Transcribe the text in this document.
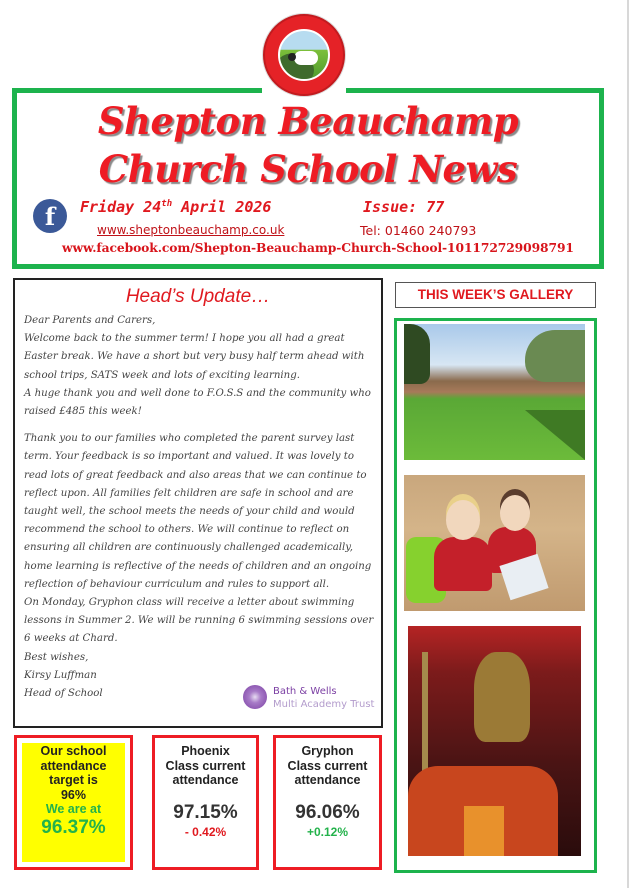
Shepton Beauchamp
Church School News
f	Friday 24th April 2026	Issue: 77
www.sheptonbeauchamp.co.uk	Tel: 01460 240793
www.facebook.com/Shepton-Beauchamp-Church-School-101172729098791
Head’s Update…

Dear Parents and Carers,

Welcome back to the summer term! I hope you all had a great Easter break. We have a short but very busy half term ahead with school trips, SATS week and lots of exciting learning.

A huge thank you and well done to F.O.S.S and the community who raised £485 this week!

Thank you to our families who completed the parent survey last term. Your feedback is so important and valued. It was lovely to read lots of great feedback and also areas that we can continue to reflect upon. All families felt children are safe in school and are taught well, the school meets the needs of your child and would recommend the school to others. We will continue to reflect on ensuring all children are continuously challenged academically, home learning is reflective of the needs of children and an ongoing reflection of behaviour curriculum and rules to support all.

On Monday, Gryphon class will receive a letter about swimming lessons in Summer 2. We will be running 6 swimming sessions over 6 weeks at Chard.

Best wishes,

Kirsy Luffman

Head of School	Bath & Wells
Multi Academy Trust
Our school
attendance
target is
96%
We are at
96.37%
Phoenix
Class current
attendance
97.15%
- 0.42%
Gryphon
Class current
attendance
96.06%
+0.12%
THIS WEEK’S GALLERY
